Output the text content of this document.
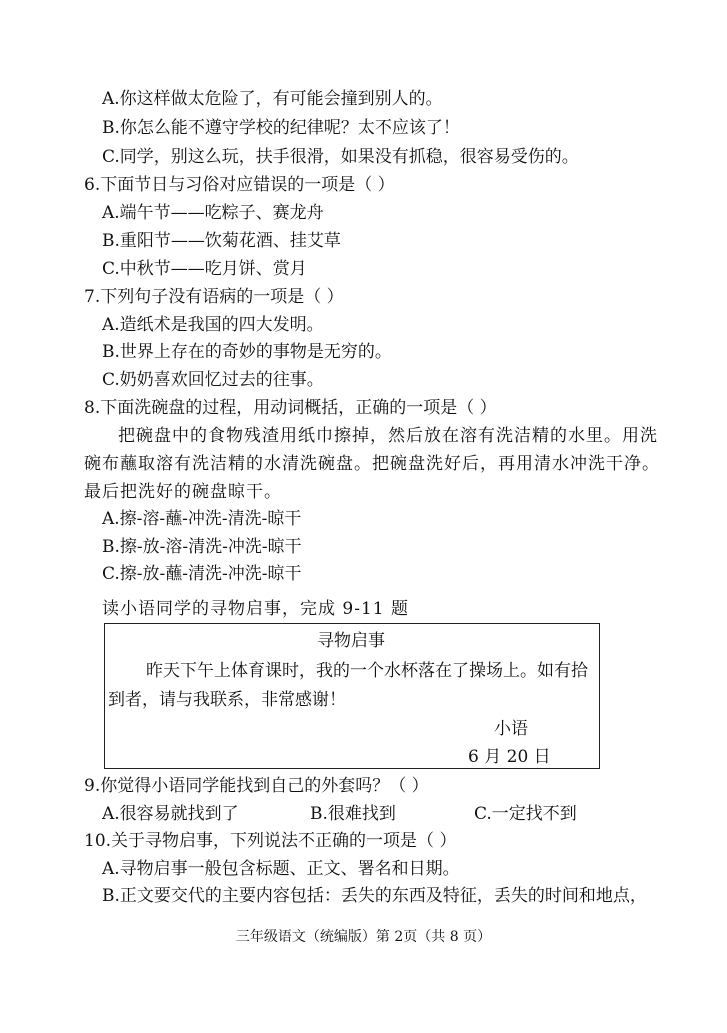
A.你这样做太危险了，有可能会撞到别人的。
B.你怎么能不遵守学校的纪律呢？太不应该了！
C.同学，别这么玩，扶手很滑，如果没有抓稳，很容易受伤的。
6.下面节日与习俗对应错误的一项是（ ）
A.端午节——吃粽子、赛龙舟
B.重阳节——饮菊花酒、挂艾草
C.中秋节——吃月饼、赏月
7.下列句子没有语病的一项是（ ）
A.造纸术是我国的四大发明。
B.世界上存在的奇妙的事物是无穷的。
C.奶奶喜欢回忆过去的往事。
8.下面洗碗盘的过程，用动词概括，正确的一项是（ ）
把碗盘中的食物残渣用纸巾擦掉，然后放在溶有洗洁精的水里。用洗
碗布蘸取溶有洗洁精的水清洗碗盘。把碗盘洗好后，再用清水冲洗干净。
最后把洗好的碗盘晾干。
A.擦-溶-蘸-冲洗-清洗-晾干
B.擦-放-溶-清洗-冲洗-晾干
C.擦-放-蘸-清洗-冲洗-晾干
读小语同学的寻物启事，完成 9-11 题
寻物启事
昨天下午上体育课时，我的一个水杯落在了操场上。如有拾
到者，请与我联系，非常感谢！
小语
6 月 20 日
9.你觉得小语同学能找到自己的外套吗？（ ）
A.很容易就找到了	B.很难找到	C.一定找不到
10.关于寻物启事，下列说法不正确的一项是（ ）
A.寻物启事一般包含标题、正文、署名和日期。
B.正文要交代的主要内容包括：丢失的东西及特征，丢失的时间和地点，
三年级语文（统编版）第 2页（共 8 页）
